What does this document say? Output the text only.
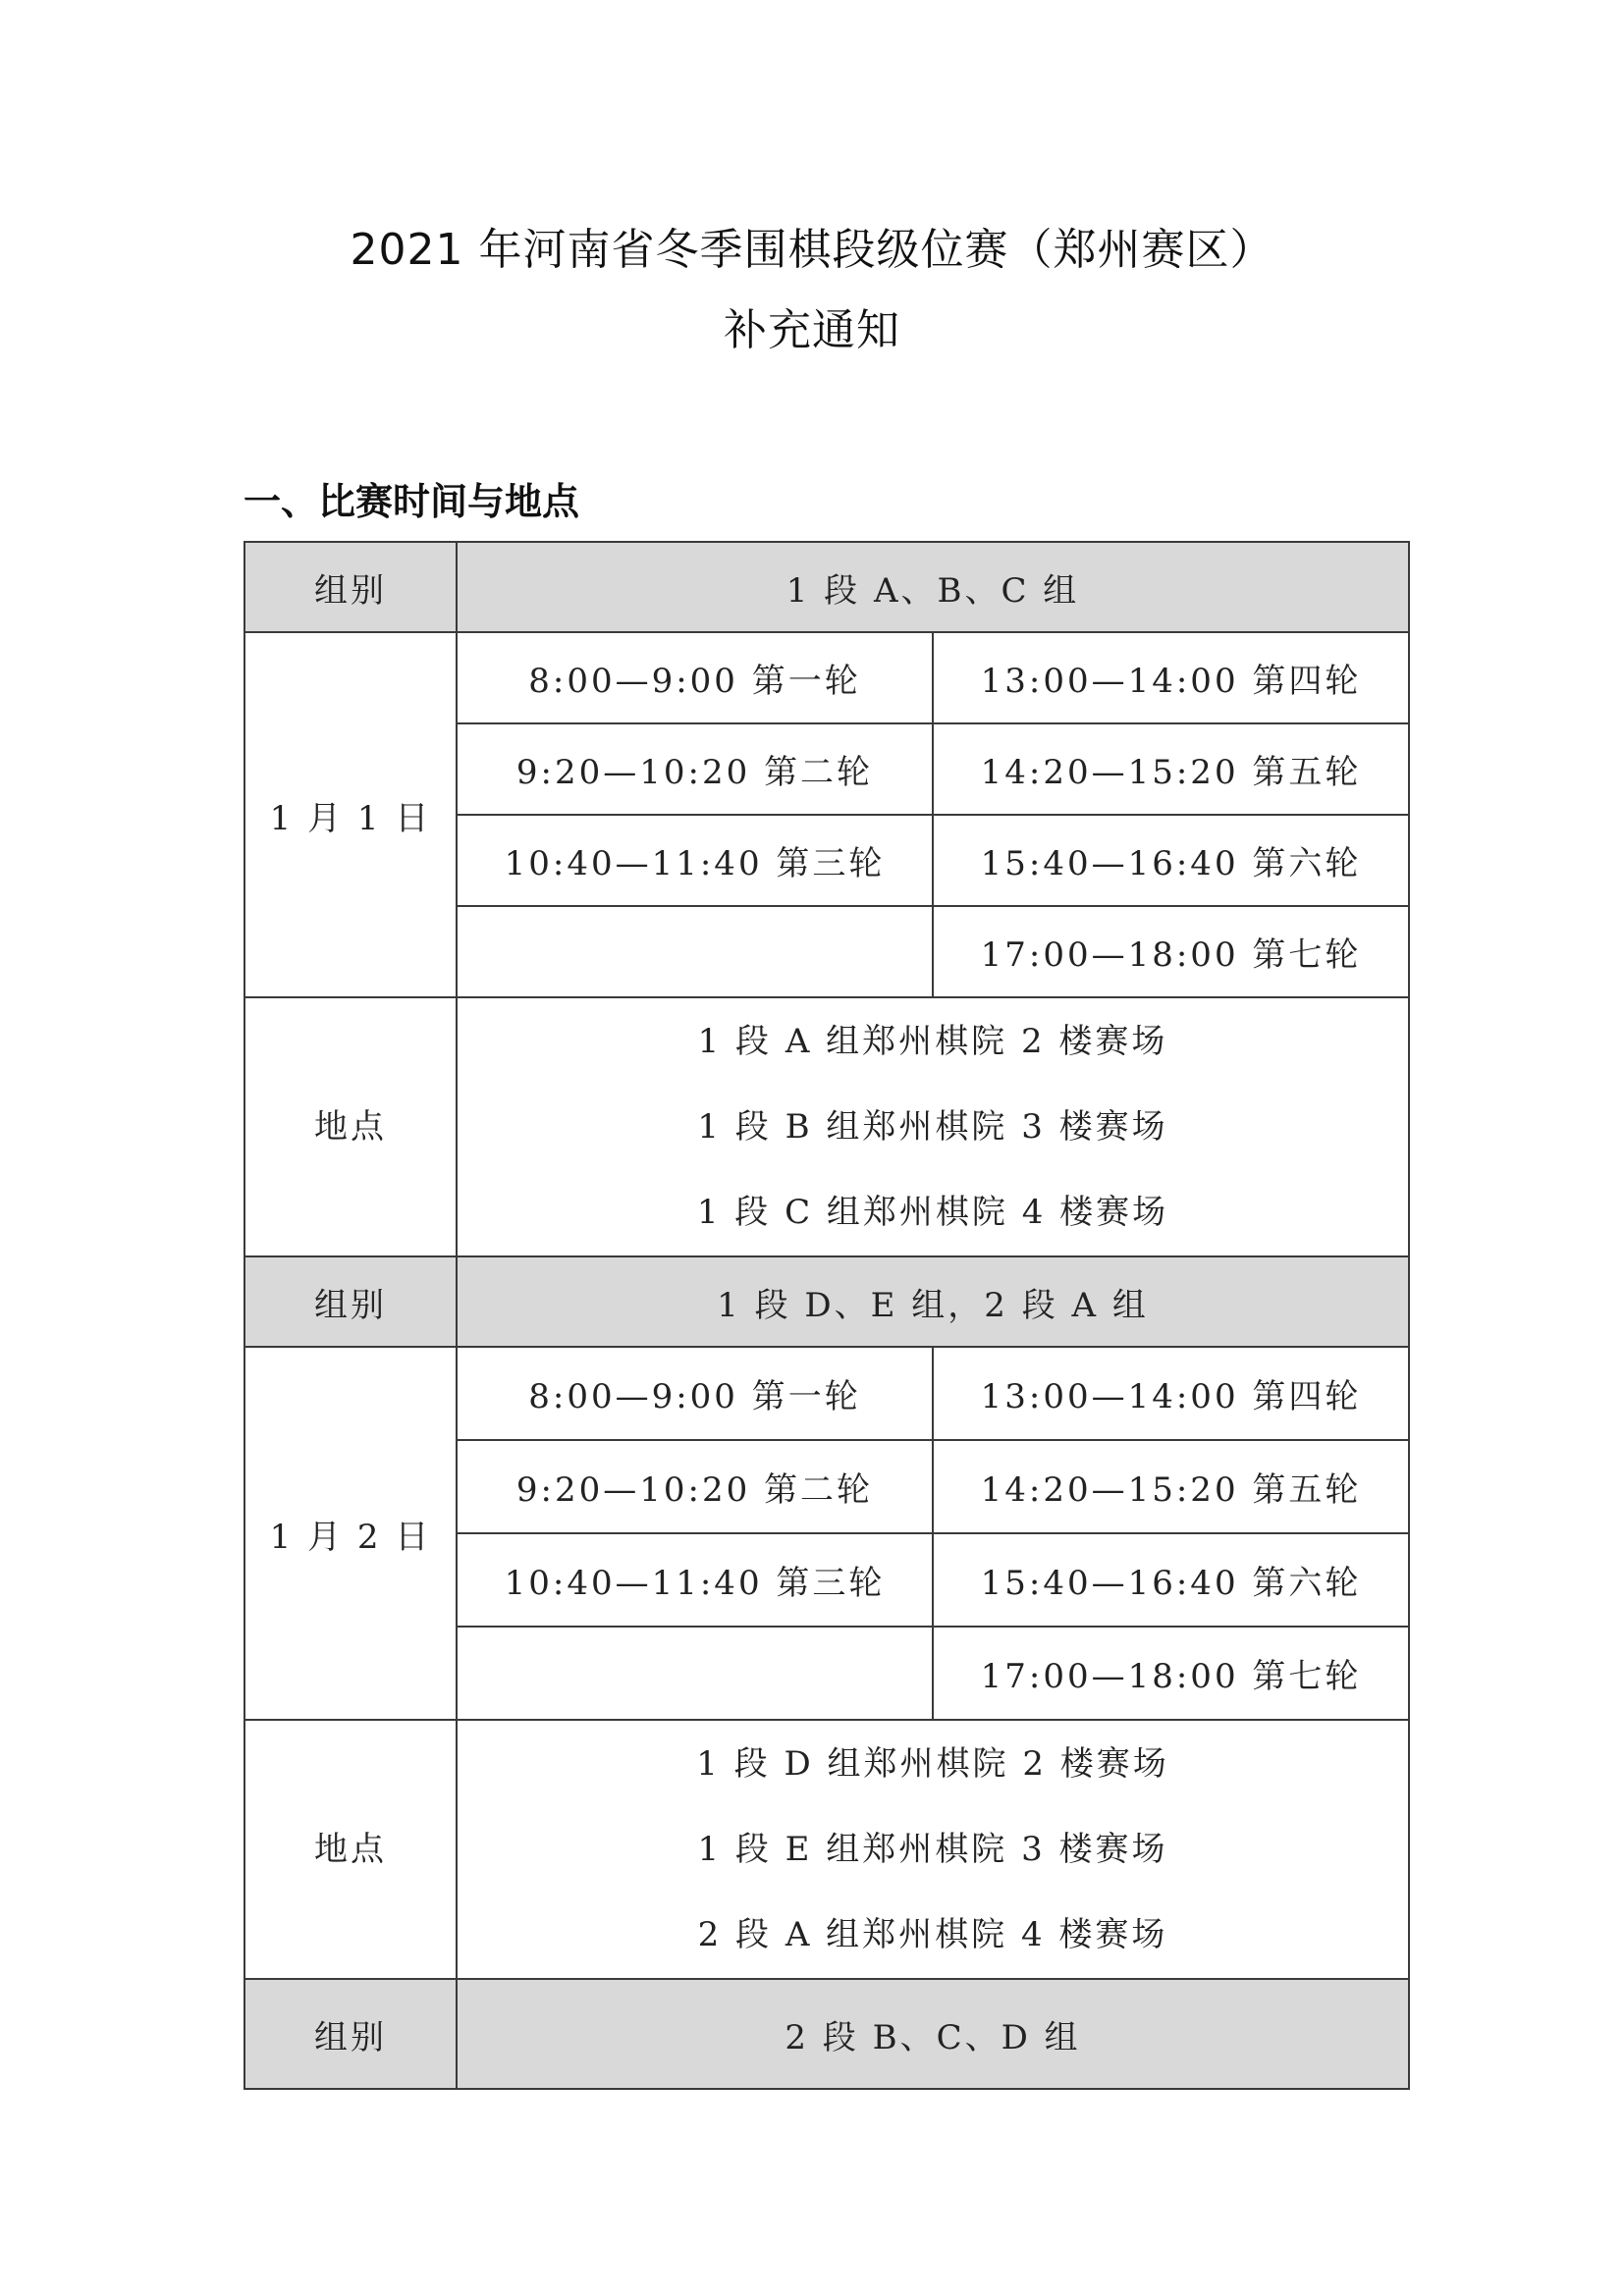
2021 年河南省冬季围棋段级位赛（郑州赛区）
补充通知
一、比赛时间与地点
组别	1 段 A、B、C 组	
1 月 1 日	8:00—9:00 第一轮	13:00—14:00 第四轮
	9:20—10:20 第二轮	14:20—15:20 第五轮
	10:40—11:40 第三轮	15:40—16:40 第六轮
		17:00—18:00 第七轮
地点	1 段 A 组郑州棋院 2 楼赛场
1 段 B 组郑州棋院 3 楼赛场
1 段 C 组郑州棋院 4 楼赛场	

组别	1 段 D、E 组，2 段 A 组	
1 月 2 日	8:00—9:00 第一轮	13:00—14:00 第四轮
	9:20—10:20 第二轮	14:20—15:20 第五轮
	10:40—11:40 第三轮	15:40—16:40 第六轮
		17:00—18:00 第七轮
地点	1 段 D 组郑州棋院 2 楼赛场
1 段 E 组郑州棋院 3 楼赛场
2 段 A 组郑州棋院 4 楼赛场	

组别	2 段 B、C、D 组	
